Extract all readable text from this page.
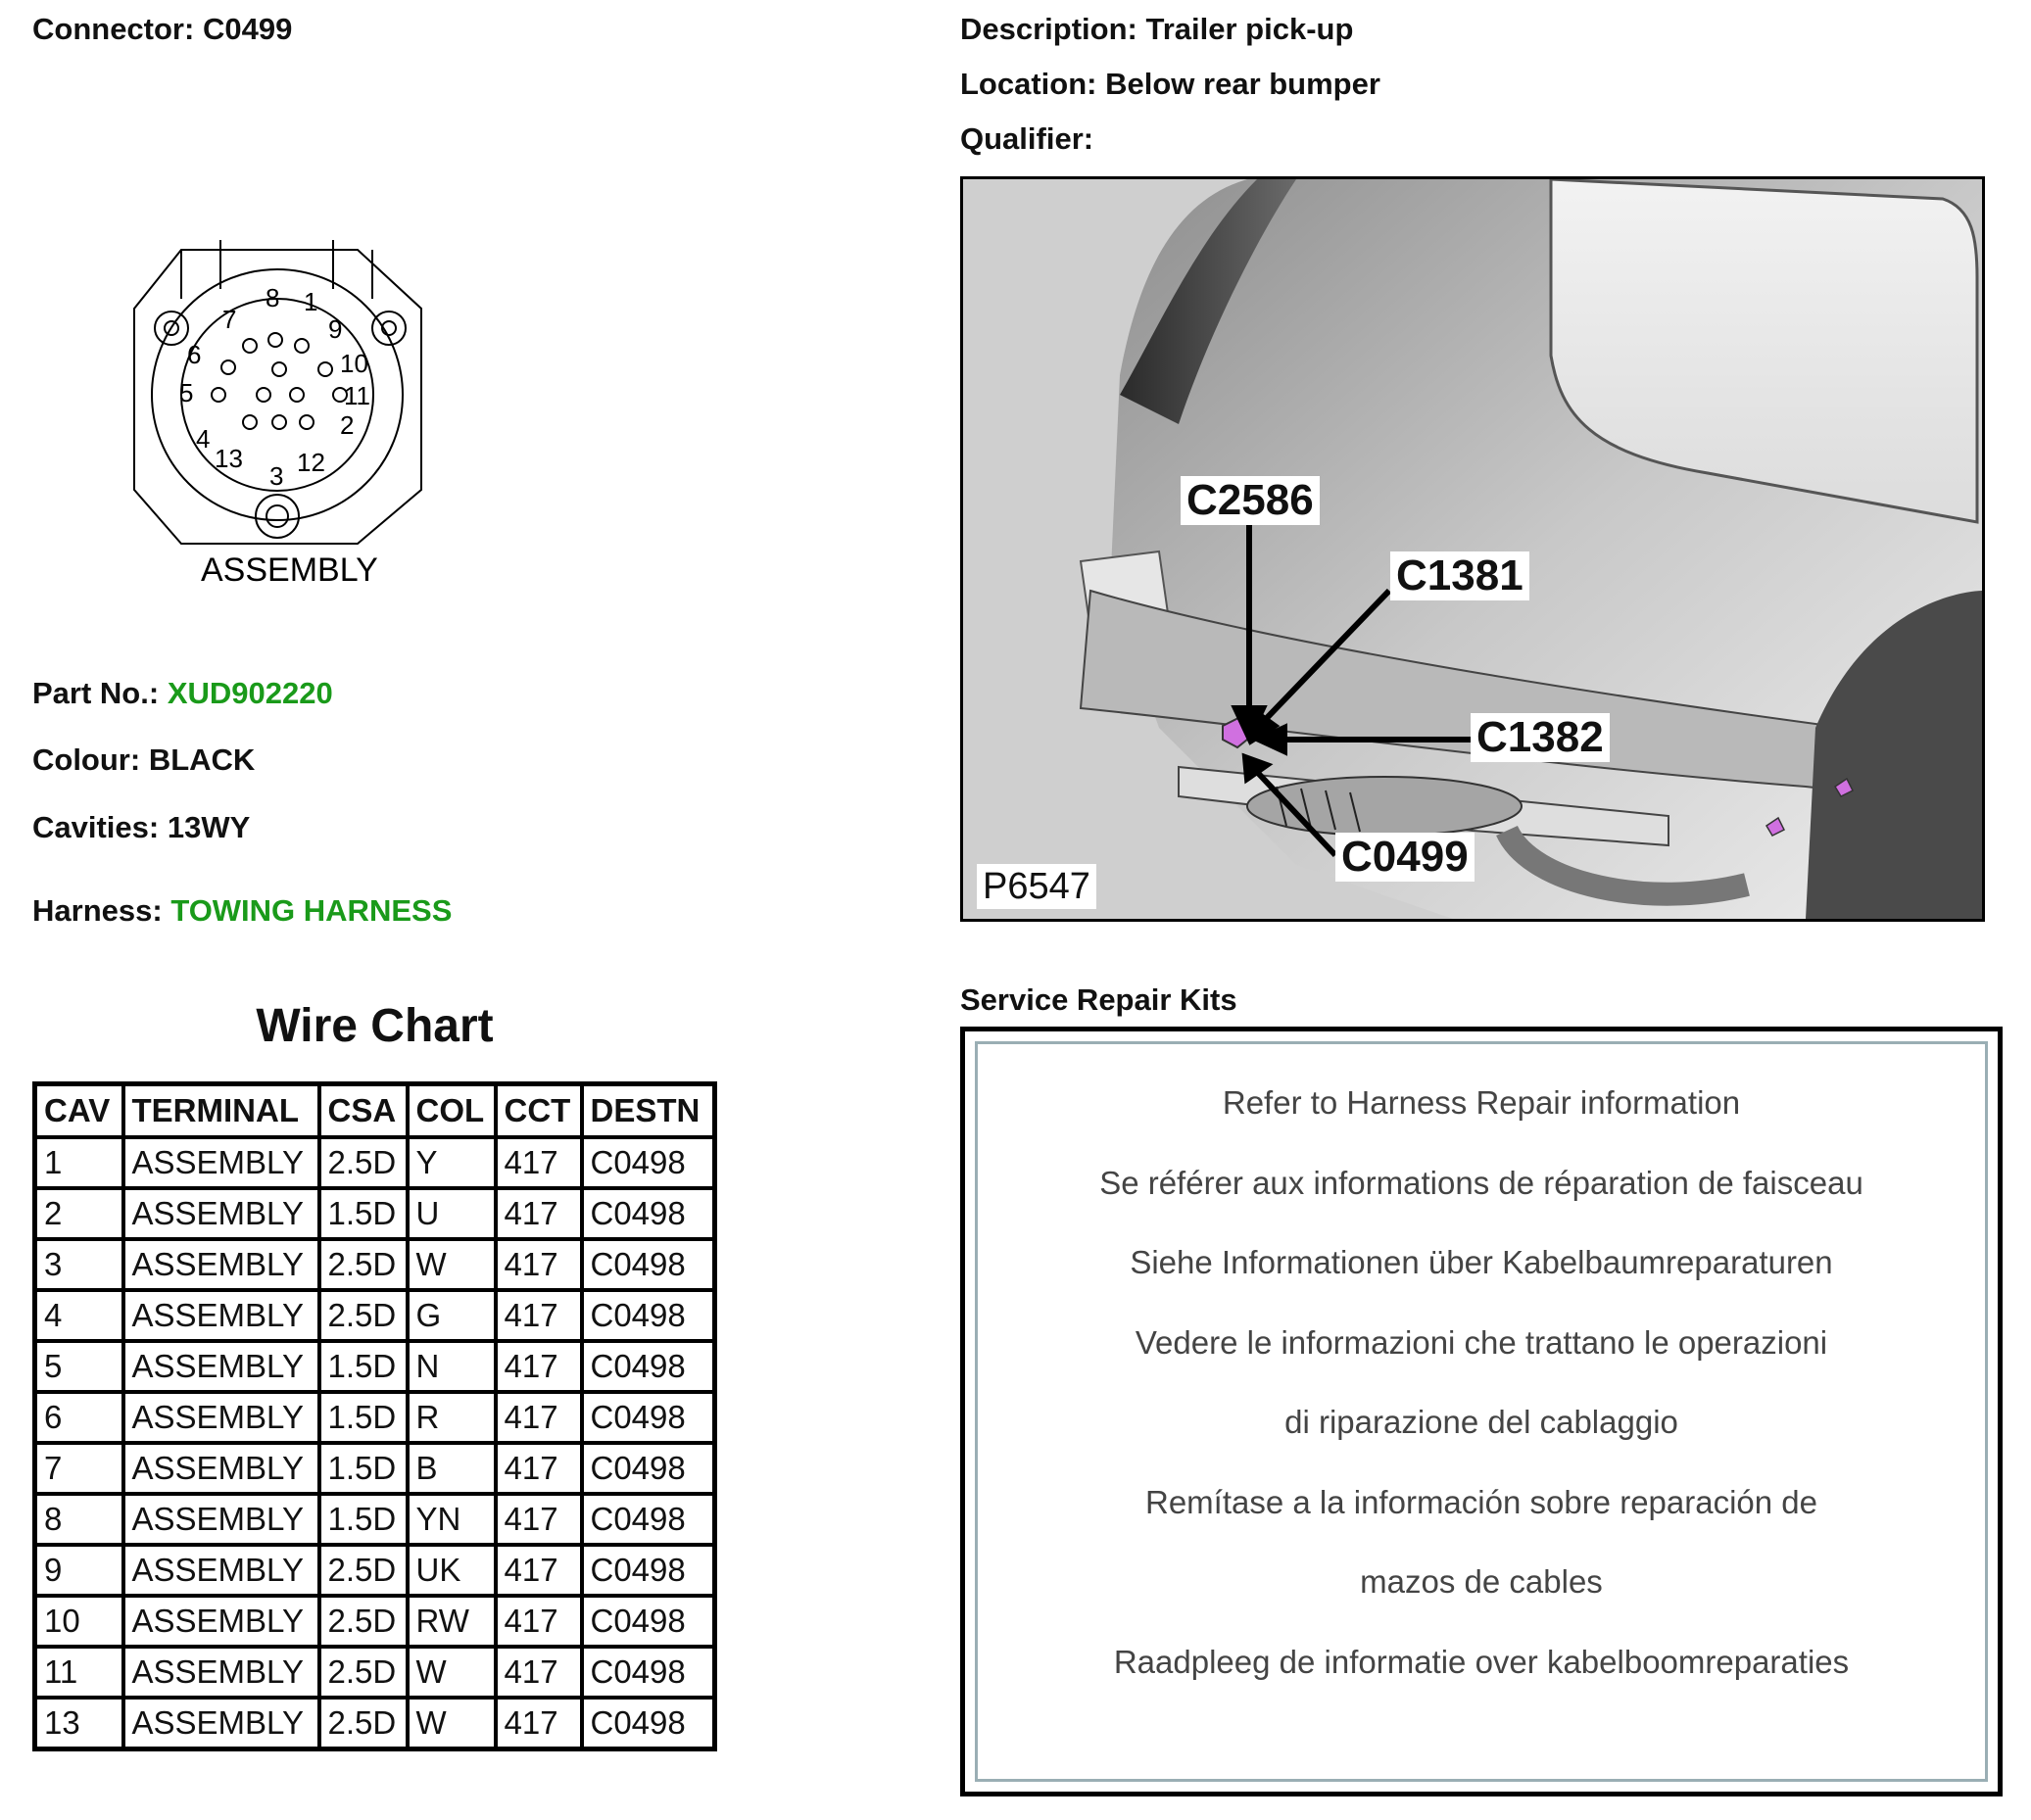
Connector: C0499	Description: Trailer pick-up
Location: Below rear bumper
Qualifier:
1
2
3
4
5
6
7
8
9
10
11
12
13
ASSEMBLY
Part No.: XUD902220
Colour: BLACK
Cavities: 13WY
Harness: TOWING HARNESS
Wire Chart
CAV	TERMINAL	CSA	COL	CCT	DESTN
1	ASSEMBLY	2.5D	Y	417	C0498
2	ASSEMBLY	1.5D	U	417	C0498
3	ASSEMBLY	2.5D	W	417	C0498
4	ASSEMBLY	2.5D	G	417	C0498
5	ASSEMBLY	1.5D	N	417	C0498
6	ASSEMBLY	1.5D	R	417	C0498
7	ASSEMBLY	1.5D	B	417	C0498
8	ASSEMBLY	1.5D	YN	417	C0498
9	ASSEMBLY	2.5D	UK	417	C0498
10	ASSEMBLY	2.5D	RW	417	C0498
11	ASSEMBLY	2.5D	W	417	C0498
13	ASSEMBLY	2.5D	W	417	C0498
C2586
C1381
C1382
C0499
P6547
Service Repair Kits
Refer to Harness Repair information
Se référer aux informations de réparation de faisceau
Siehe Informationen über Kabelbaumreparaturen
Vedere le informazioni che trattano le operazioni
di riparazione del cablaggio
Remítase a la información sobre reparación de
mazos de cables
Raadpleeg de informatie over kabelboomreparaties
